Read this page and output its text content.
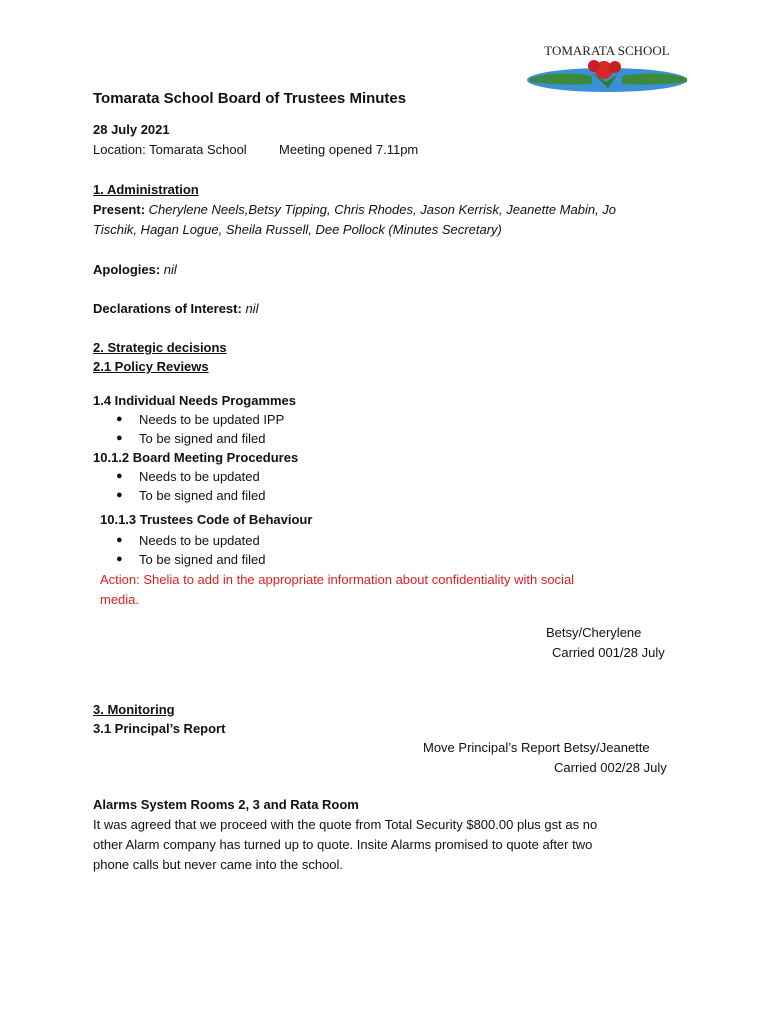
TOMARATA SCHOOL
Tomarata School Board of Trustees Minutes
28 July 2021
Location: Tomarata School Meeting opened 7.11pm
1. Administration
Present: Cherylene Neels,Betsy Tipping, Chris Rhodes, Jason Kerrisk, Jeanette Mabin, Jo
Tischik, Hagan Logue, Sheila Russell, Dee Pollock (Minutes Secretary)
Apologies: nil
Declarations of Interest: nil
2. Strategic decisions
2.1 Policy Reviews
1.4 Individual Needs Progammes
● Needs to be updated IPP
● To be signed and filed
10.1.2 Board Meeting Procedures
● Needs to be updated
● To be signed and filed
10.1.3 Trustees Code of Behaviour
● Needs to be updated
● To be signed and filed
Action: Shelia to add in the appropriate information about confidentiality with social
media.
Betsy/Cherylene
Carried 001/28 July
3. Monitoring
3.1 Principal’s Report
Move Principal’s Report Betsy/Jeanette
Carried 002/28 July
Alarms System Rooms 2, 3 and Rata Room
It was agreed that we proceed with the quote from Total Security $800.00 plus gst as no
other Alarm company has turned up to quote. Insite Alarms promised to quote after two
phone calls but never came into the school.
